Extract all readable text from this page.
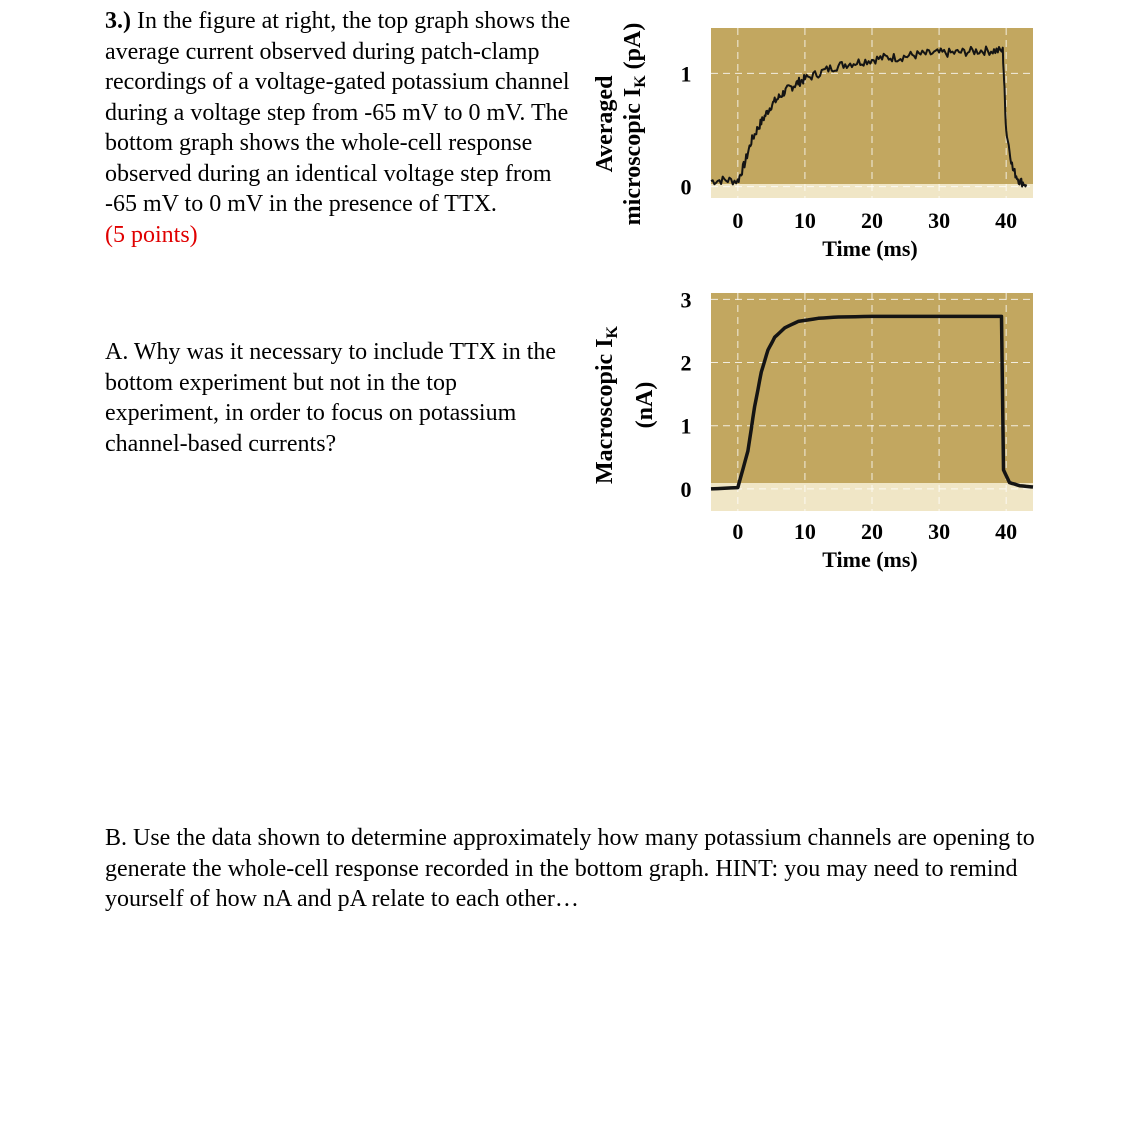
3.) In the figure at right, the top graph shows the average current observed during patch-clamp recordings of a voltage-gated potassium channel during a voltage step from -65 mV to 0 mV. The bottom graph shows the whole-cell response observed during an identical voltage step from -65 mV to 0 mV in the presence of TTX.
(5 points)
A. Why was it necessary to include TTX in the bottom experiment but not in the top experiment, in order to focus on potassium channel-based currents?
B. Use the data shown to determine approximately how many potassium channels are opening to generate the whole-cell response recorded in the bottom graph. HINT: you may need to remind yourself of how nA and pA relate to each other…
0 10 20 30 40
0
1
Time (ms)
Averaged microscopic $I_K(pA)$
0 10 20 30 40
0
1
2
3
Time (ms)
Macroscopic $I_K$
(nA)
